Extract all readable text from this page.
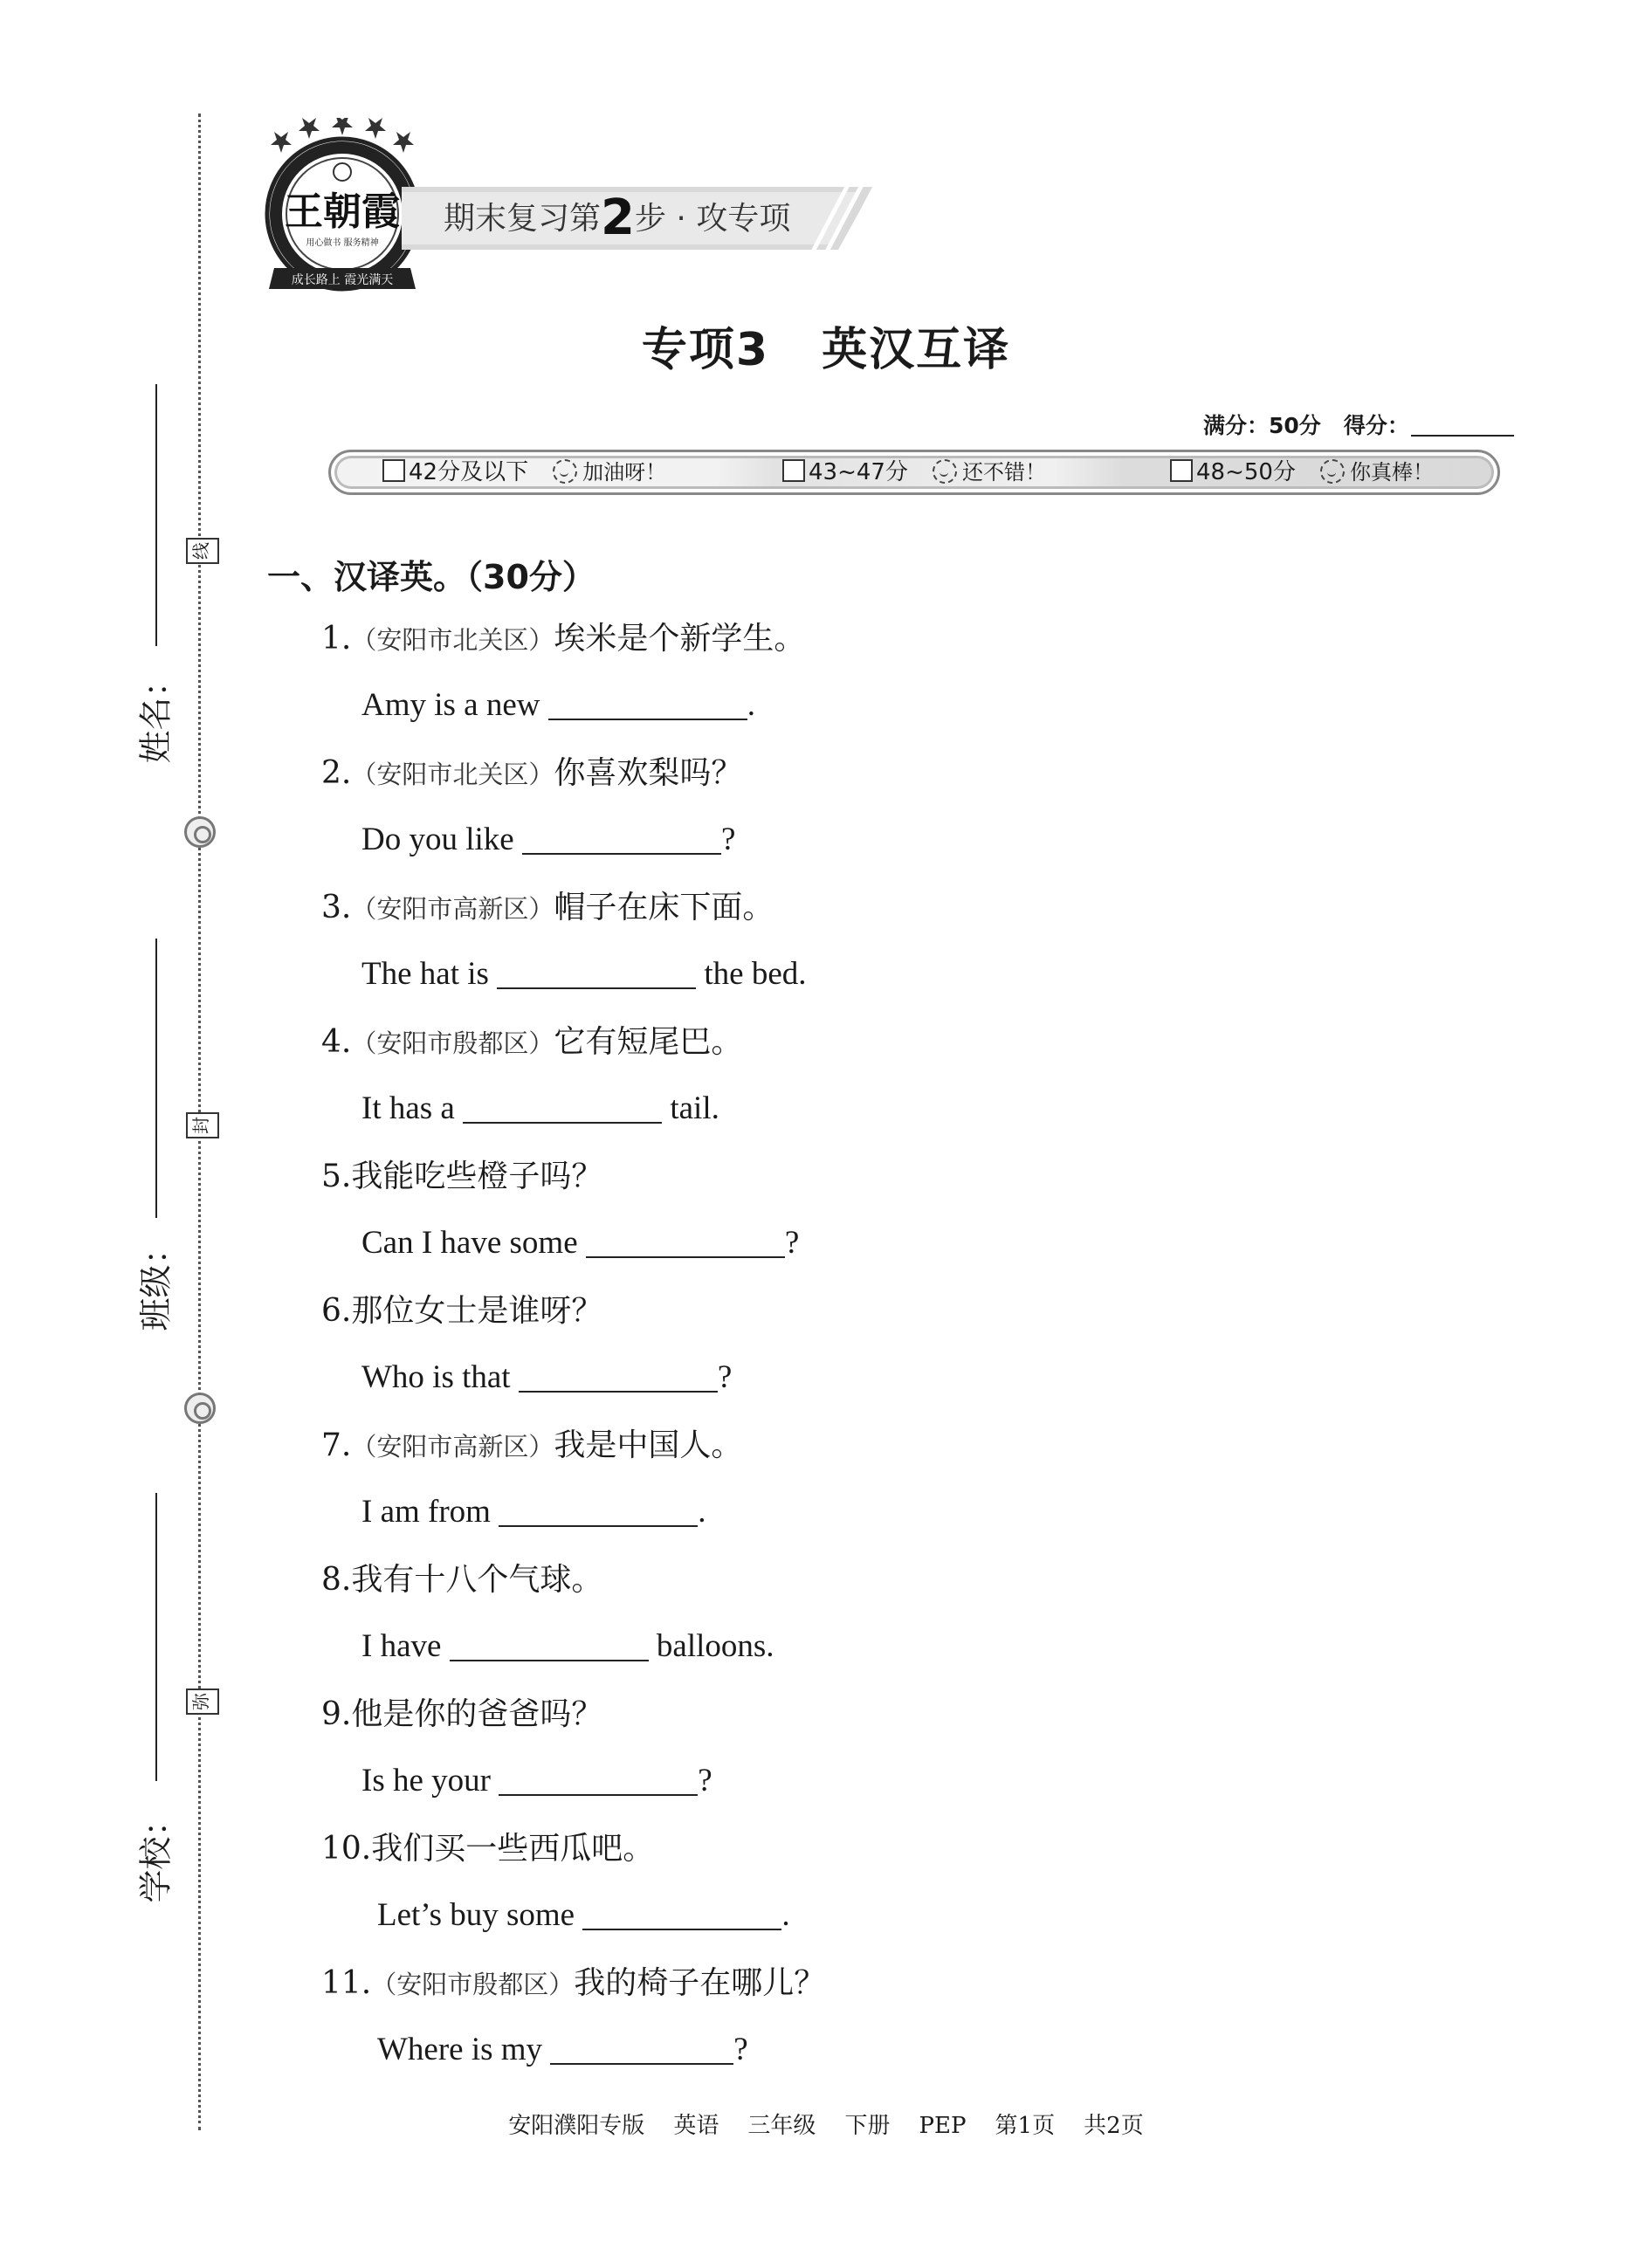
姓名：
班级：
学校：
线
封
弥
王朝霞
用心做书 服务精神
成长路上 霞光满天
期末复习第2步 · 攻专项
专项3 英汉互译
满分：50分 得分：
42分及以下	加油呀！	43~47分	还不错！	48~50分	你真棒！
一、汉译英。（30分）
1.（安阳市北关区）埃米是个新学生。
Amy is a new	.
2.（安阳市北关区）你喜欢梨吗？
Do you like	?
3.（安阳市高新区）帽子在床下面。
The hat is	the bed.
4.（安阳市殷都区）它有短尾巴。
It has a	tail.
5.我能吃些橙子吗？
Can I have some	?
6.那位女士是谁呀？
Who is that	?
7.（安阳市高新区）我是中国人。
I am from	.
8.我有十八个气球。
I have	balloons.
9.他是你的爸爸吗？
Is he your	?
10.我们买一些西瓜吧。
Let’s buy some	.
11.（安阳市殷都区）我的椅子在哪儿？
Where is my	?
安阳濮阳专版    英语    三年级    下册    PEP    第1页    共2页
